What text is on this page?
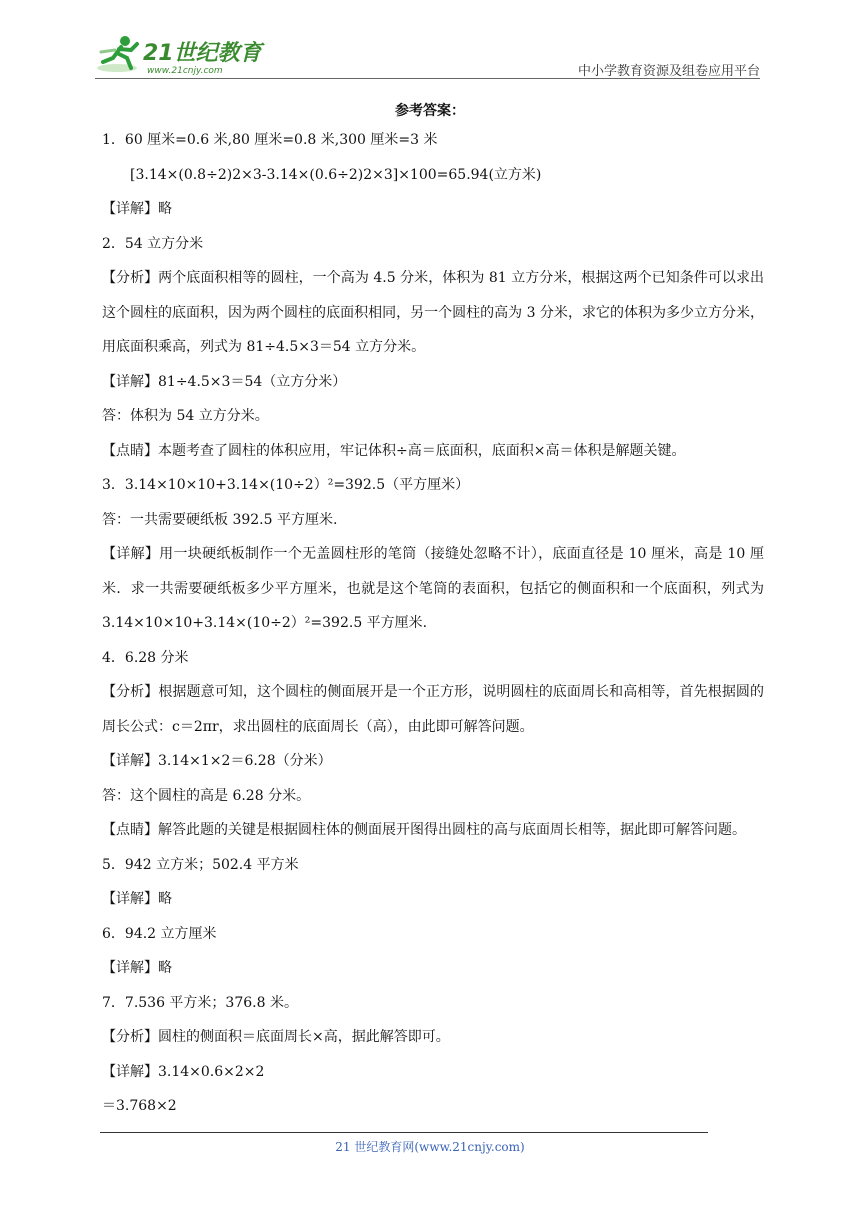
21世纪教育
www.21cnjy.com	中小学教育资源及组卷应用平台
参考答案：

1．60 厘米=0.6 米,80 厘米=0.8 米,300 厘米=3 米

[3.14×(0.8÷2)2×3-3.14×(0.6÷2)2×3]×100=65.94(立方米)

【详解】略

2．54 立方分米

【分析】两个底面积相等的圆柱，一个高为 4.5 分米，体积为 81 立方分米，根据这两个已知条件可以求出这个圆柱的底面积，因为两个圆柱的底面积相同，另一个圆柱的高为 3 分米，求它的体积为多少立方分米，用底面积乘高，列式为 81÷4.5×3＝54 立方分米。

【详解】81÷4.5×3＝54（立方分米）

答：体积为 54 立方分米。

【点睛】本题考查了圆柱的体积应用，牢记体积÷高＝底面积，底面积×高＝体积是解题关键。

3．3.14×10×10+3.14×(10÷2）²=392.5（平方厘米）

答：一共需要硬纸板 392.5 平方厘米.

【详解】用一块硬纸板制作一个无盖圆柱形的笔筒（接缝处忽略不计），底面直径是 10 厘米，高是 10 厘米．求一共需要硬纸板多少平方厘米，也就是这个笔筒的表面积，包括它的侧面积和一个底面积，列式为 3.14×10×10+3.14×(10÷2）²=392.5 平方厘米.

4．6.28 分米

【分析】根据题意可知，这个圆柱的侧面展开是一个正方形，说明圆柱的底面周长和高相等，首先根据圆的周长公式：c＝2πr，求出圆柱的底面周长（高），由此即可解答问题。

【详解】3.14×1×2＝6.28（分米）

答：这个圆柱的高是 6.28 分米。

【点睛】解答此题的关键是根据圆柱体的侧面展开图得出圆柱的高与底面周长相等，据此即可解答问题。

5．942 立方米；502.4 平方米

【详解】略

6．94.2 立方厘米

【详解】略

7．7.536 平方米；376.8 米。

【分析】圆柱的侧面积＝底面周长×高，据此解答即可。

【详解】3.14×0.6×2×2

＝3.768×2

21 世纪教育网(www.21cnjy.com)
